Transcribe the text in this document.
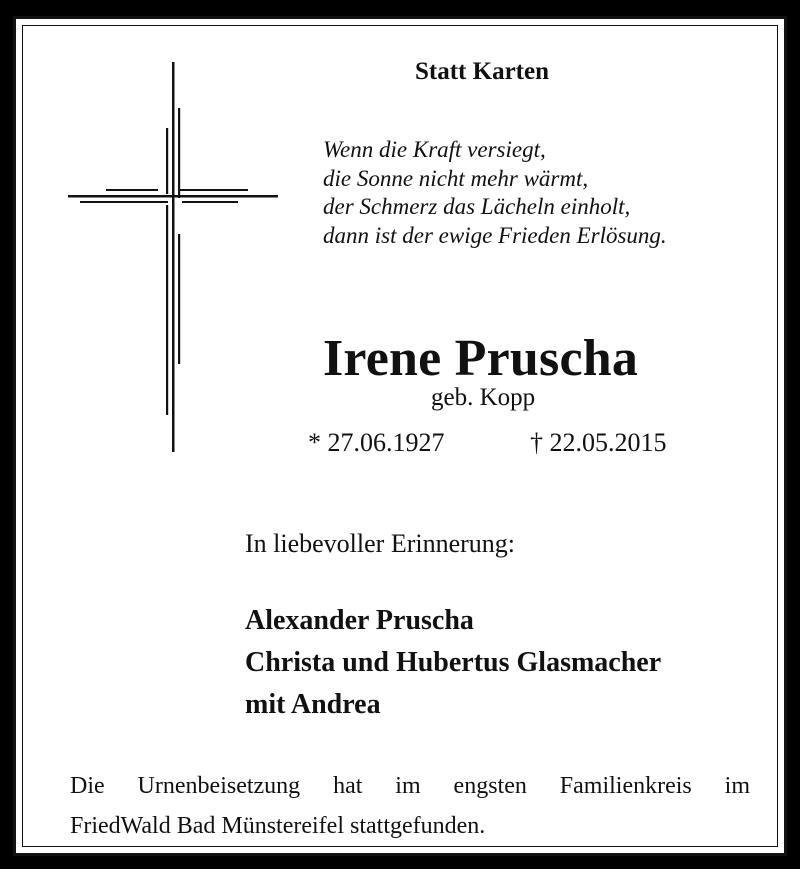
Statt Karten
Wenn die Kraft versiegt,
die Sonne nicht mehr wärmt,
der Schmerz das Lächeln einholt,
dann ist der ewige Frieden Erlösung.
Irene Pruscha
geb. Kopp
* 27.06.1927	† 22.05.2015
In liebevoller Erinnerung:
Alexander Pruscha
Christa und Hubertus Glasmacher
mit Andrea
Die Urnenbeisetzung hat im engsten Familienkreis im
FriedWald Bad Münstereifel stattgefunden.
